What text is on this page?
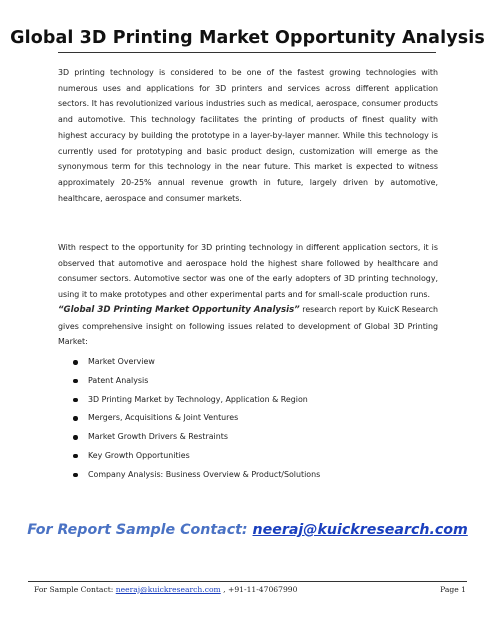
Global 3D Printing Market Opportunity Analysis
3D printing technology is considered to be one of the fastest growing technologies with numerous uses and applications for 3D printers and services across different application sectors. It has revolutionized various industries such as medical, aerospace, consumer products and automotive. This technology facilitates the printing of products of finest quality with highest accuracy by building the prototype in a layer-by-layer manner. While this technology is currently used for prototyping and basic product design, customization will emerge as the synonymous term for this technology in the near future. This market is expected to witness approximately 20-25% annual revenue growth in future, largely driven by automotive, healthcare, aerospace and consumer markets.
With respect to the opportunity for 3D printing technology in different application sectors, it is observed that automotive and aerospace hold the highest share followed by healthcare and consumer sectors. Automotive sector was one of the early adopters of 3D printing technology, using it to make prototypes and other experimental parts and for small-scale production runs.
“Global 3D Printing Market Opportunity Analysis” research report by KuicK Research gives comprehensive insight on following issues related to development of Global 3D Printing Market:
Market Overview
Patent Analysis
3D Printing Market by Technology, Application & Region
Mergers, Acquisitions & Joint Ventures
Market Growth Drivers & Restraints
Key Growth Opportunities
Company Analysis: Business Overview & Product/Solutions
For Report Sample Contact: neeraj@kuickresearch.com
For Sample Contact: neeraj@kuickresearch.com , +91-11-47067990	Page 1
